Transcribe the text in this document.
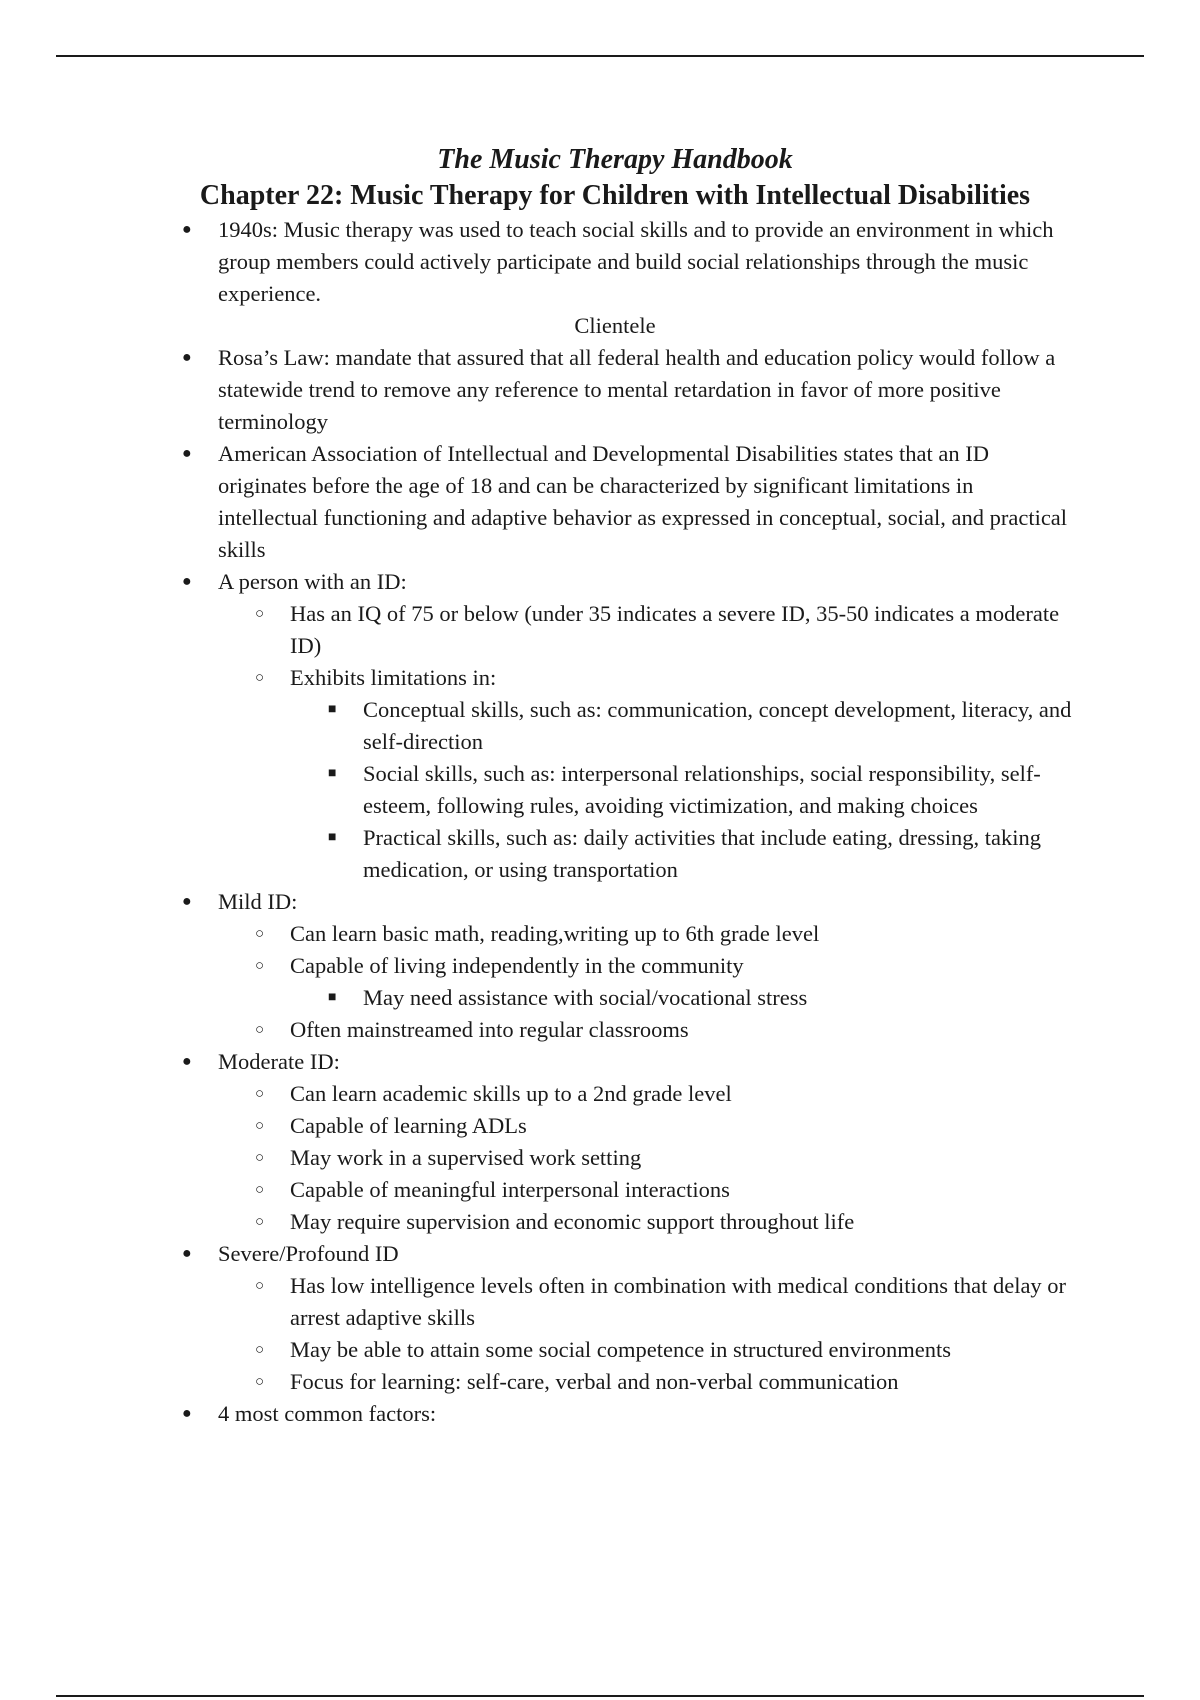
The Music Therapy Handbook
Chapter 22: Music Therapy for Children with Intellectual Disabilities
● 1940s: Music therapy was used to teach social skills and to provide an environment in which group members could actively participate and build social relationships through the music experience.
Clientele
● Rosa’s Law: mandate that assured that all federal health and education policy would follow a statewide trend to remove any reference to mental retardation in favor of more positive terminology
● American Association of Intellectual and Developmental Disabilities states that an ID originates before the age of 18 and can be characterized by significant limitations in intellectual functioning and adaptive behavior as expressed in conceptual, social, and practical skills
● A person with an ID:
○ Has an IQ of 75 or below (under 35 indicates a severe ID, 35-50 indicates a moderate ID)
○ Exhibits limitations in:
■ Conceptual skills, such as: communication, concept development, literacy, and self-direction
■ Social skills, such as: interpersonal relationships, social responsibility, self-esteem, following rules, avoiding victimization, and making choices
■ Practical skills, such as: daily activities that include eating, dressing, taking medication, or using transportation
● Mild ID:
○ Can learn basic math, reading,writing up to 6th grade level
○ Capable of living independently in the community
■ May need assistance with social/vocational stress
○ Often mainstreamed into regular classrooms
● Moderate ID:
○ Can learn academic skills up to a 2nd grade level
○ Capable of learning ADLs
○ May work in a supervised work setting
○ Capable of meaningful interpersonal interactions
○ May require supervision and economic support throughout life
● Severe/Profound ID
○ Has low intelligence levels often in combination with medical conditions that delay or arrest adaptive skills
○ May be able to attain some social competence in structured environments
○ Focus for learning: self-care, verbal and non-verbal communication
● 4 most common factors:
